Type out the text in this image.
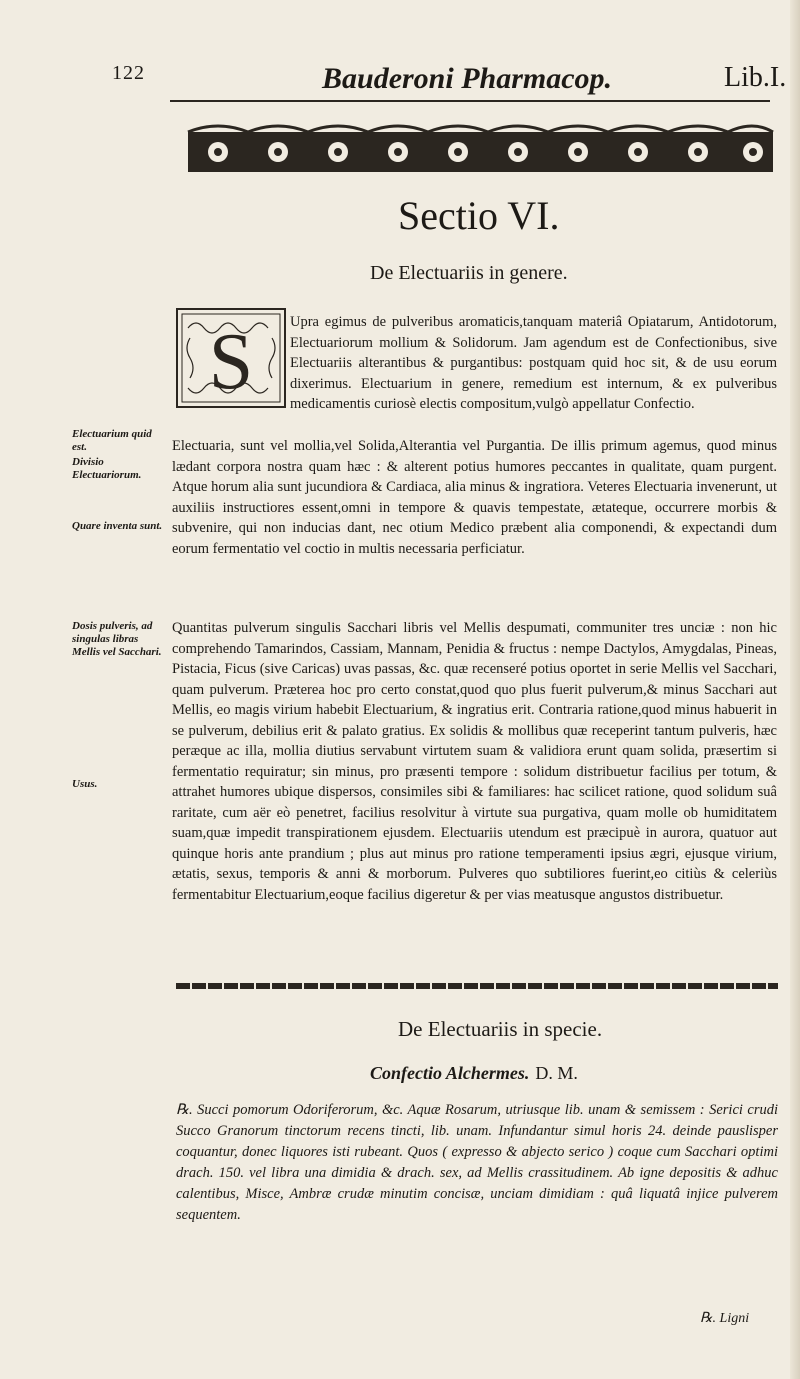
122	Bauderoni Pharmacop.	Lib.I.
Sectio VI.
De Electuariis in genere.
S	Upra egimus de pulveribus aromaticis,tanquam materiâ Opiatarum, Antidotorum, Electuariorum mollium & Solidorum. Jam agendum est de Confectionibus, sive Electuariis alterantibus & purgantibus: postquam quid hoc sit, & de usu eorum dixerimus. Electuarium in genere, remedium est internum, & ex pulveribus medicamentis curiosè electis compositum,vulgò appellatur Confectio.

Electuarium quid est.
Divisio Electuariorum.
Quare inventa sunt.
Dosis pulveris, ad singulas libras Mellis vel Sacchari.
Usus.

Electuaria, sunt vel mollia,vel Solida,Alterantia vel Purgantia. De illis primum agemus, quod minus lædant corpora nostra quam hæc : & alterent potius humores peccantes in qualitate, quam purgent. Atque horum alia sunt jucundiora & Cardiaca, alia minus & ingratiora. Veteres Electuaria invenerunt, ut auxiliis instructiores essent,omni in tempore & quavis tempestate, ætateque, occurrere morbis & subvenire, qui non inducias dant, nec otium Medico præbent alia componendi, & expectandi dum eorum fermentatio vel coctio in multis necessaria perficiatur.

Quantitas pulverum singulis Sacchari libris vel Mellis despumati, communiter tres unciæ : non hic comprehendo Tamarindos, Cassiam, Mannam, Penidia & fructus : nempe Dactylos, Amygdalas, Pineas, Pistacia, Ficus (sive Caricas) uvas passas, &c. quæ recenseré potius oportet in serie Mellis vel Sacchari, quam pulverum. Præterea hoc pro certo constat,quod quo plus fuerit pulverum,& minus Sacchari aut Mellis, eo magis virium habebit Electuarium, & ingratius erit. Contraria ratione,quod minus habuerit in se pulverum, debilius erit & palato gratius. Ex solidis & mollibus quæ receperint tantum pulveris, hæc peræque ac illa, mollia diutius servabunt virtutem suam & validiora erunt quam solida, præsertim si fermentatio requiratur; sin minus, pro præsenti tempore : solidum distribuetur facilius per totum, & attrahet humores ubique dispersos, consimiles sibi & familiares: hac scilicet ratione, quod solidum suâ raritate, cum aër eò penetret, facilius resolvitur à virtute sua purgativa, quam molle ob humiditatem suam,quæ impedit transpirationem ejusdem. Electuariis utendum est præcipuè in aurora, quatuor aut quinque horis ante prandium ; plus aut minus pro ratione temperamenti ipsius ægri, ejusque virium, ætatis, sexus, temporis & anni & morborum. Pulveres quo subtiliores fuerint,eo citiùs & celeriùs fermentabitur Electuarium,eoque facilius digeretur & per vias meatusque angustos distribuetur.

De Electuariis in specie.
Confectio Alchermes. D. M.
℞. Succi pomorum Odoriferorum, &c. Aquæ Rosarum, utriusque lib. unam & semissem : Serici crudi Succo Granorum tinctorum recens tincti, lib. unam. Infundantur simul horis 24. deinde pauslisper coquantur, donec liquores isti rubeant. Quos ( expresso & abjecto serico ) coque cum Sacchari optimi drach. 150. vel libra una dimidia & drach. sex, ad Mellis crassitudinem. Ab igne depositis & adhuc calentibus, Misce, Ambræ crudæ minutim concisæ, unciam dimidiam : quâ liquatâ injice pulverem sequentem.
℞. Ligni
